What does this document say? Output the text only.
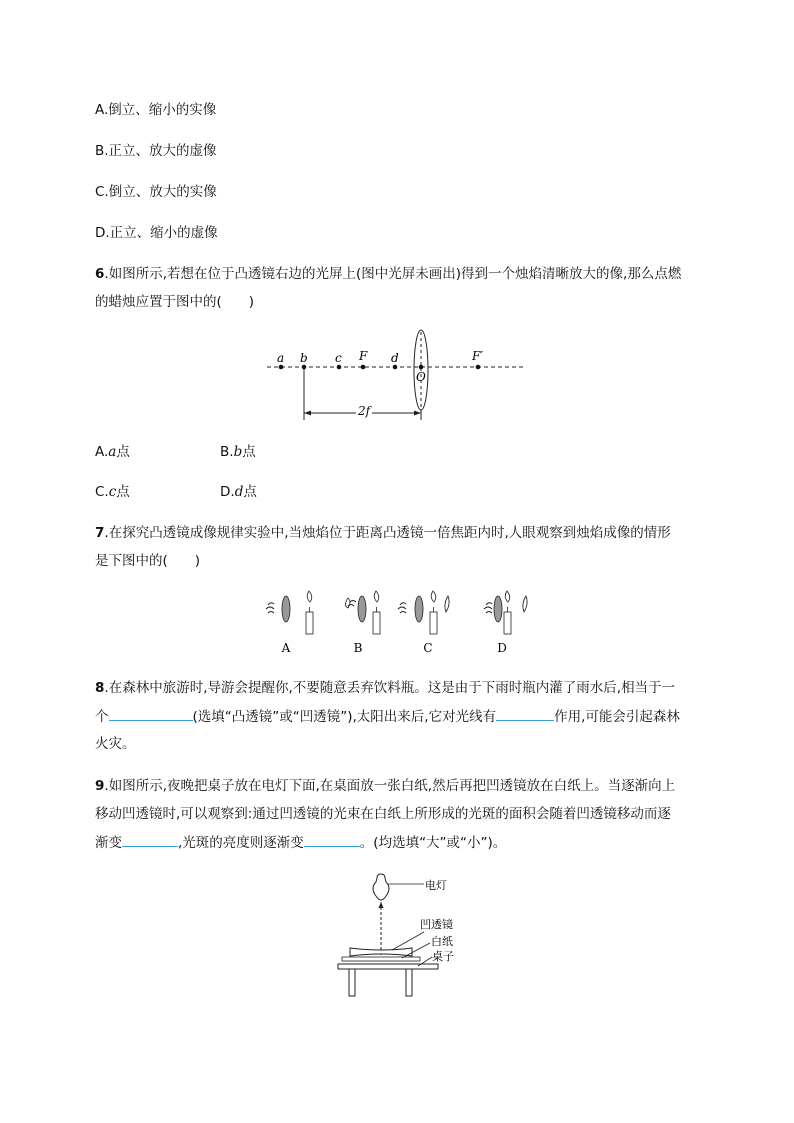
A.倒立、缩小的实像
B.正立、放大的虚像
C.倒立、放大的实像
D.正立、缩小的虚像
6.如图所示,若想在位于凸透镜右边的光屏上(图中光屏未画出)得到一个烛焰清晰放大的像,那么点燃
的蜡烛应置于图中的(　　)
a b c F d
O
F′
2f
A.a点	B.b点
C.c点	D.d点
7.在探究凸透镜成像规律实验中,当烛焰位于距离凸透镜一倍焦距内时,人眼观察到烛焰成像的情形
是下图中的(　　)
A	B	C	D
8.在森林中旅游时,导游会提醒你,不要随意丢弃饮料瓶。这是由于下雨时瓶内灌了雨水后,相当于一
个	(选填“凸透镜”或“凹透镜”),太阳出来后,它对光线有	作用,可能会引起森林
火灾。
9.如图所示,夜晚把桌子放在电灯下面,在桌面放一张白纸,然后再把凹透镜放在白纸上。当逐渐向上
移动凹透镜时,可以观察到:通过凹透镜的光束在白纸上所形成的光斑的面积会随着凹透镜移动而逐
渐变	,光斑的亮度则逐渐变	。(均选填“大”或“小”)。
电灯
凹透镜
白纸
桌子
